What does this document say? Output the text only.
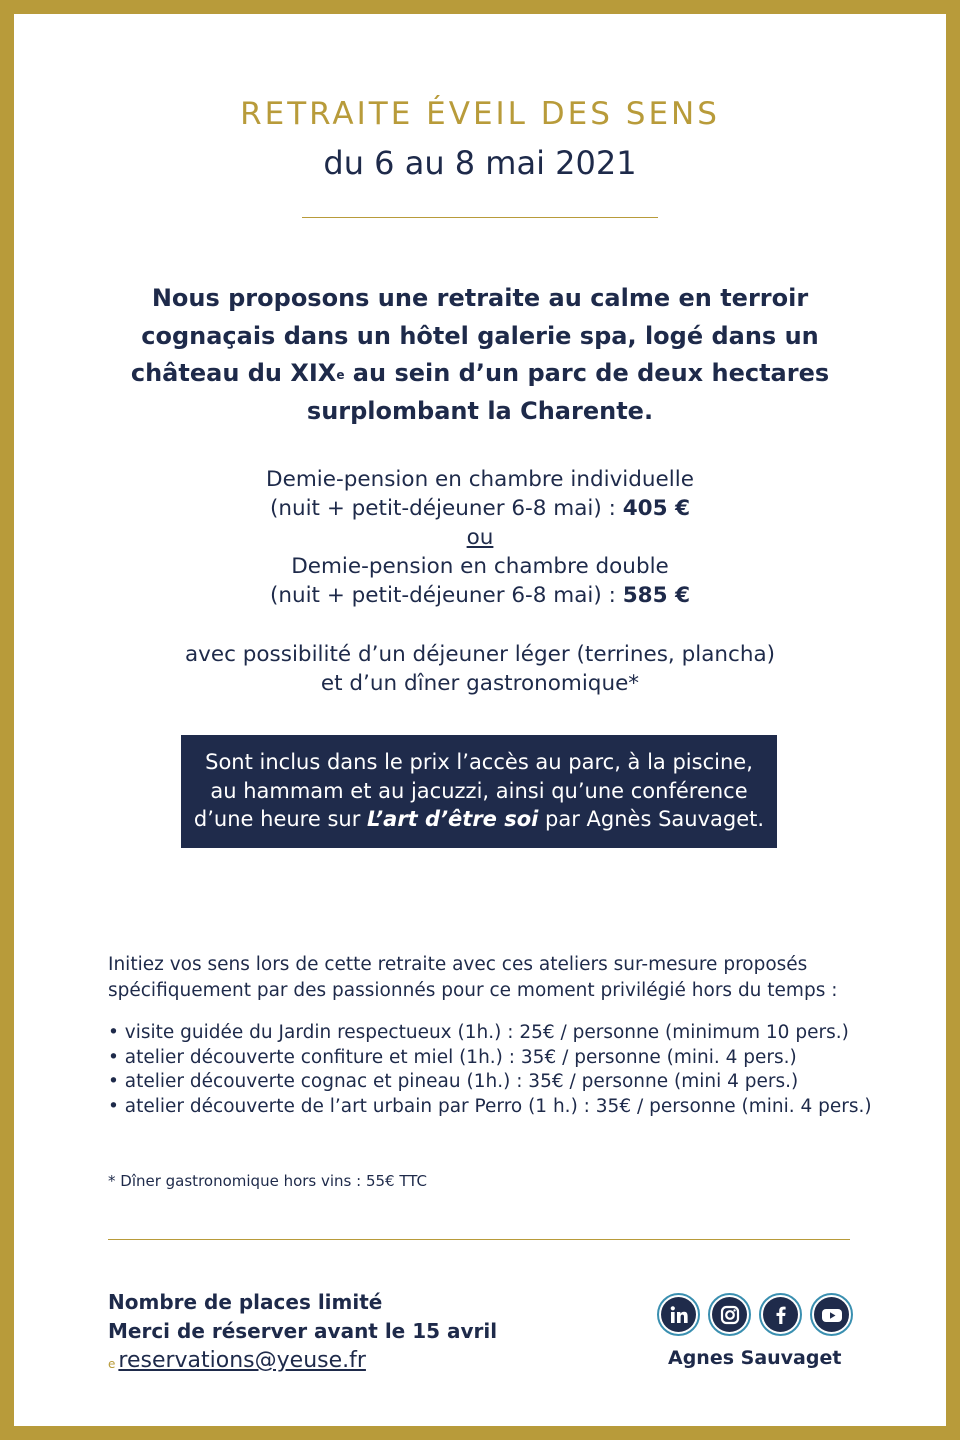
RETRAITE ÉVEIL DES SENS
du 6 au 8 mai 2021
Nous proposons une retraite au calme en terroir cognaçais dans un hôtel galerie spa, logé dans un château du XIXe au sein d’un parc de deux hectares surplombant la Charente.
Demie-pension en chambre individuelle
(nuit + petit-déjeuner 6-8 mai) : 405 €
ou
Demie-pension en chambre double
(nuit + petit-déjeuner 6-8 mai) : 585 €
avec possibilité d’un déjeuner léger (terrines, plancha)
et d’un dîner gastronomique*
Sont inclus dans le prix l’accès au parc, à la piscine,
au hammam et au jacuzzi, ainsi qu’une conférence
d’une heure sur L’art d’être soi par Agnès Sauvaget.
Initiez vos sens lors de cette retraite avec ces ateliers sur-mesure proposés
spécifiquement par des passionnés pour ce moment privilégié hors du temps :
• visite guidée du Jardin respectueux (1h.) : 25€ / personne (minimum 10 pers.)
• atelier découverte confiture et miel (1h.) : 35€ / personne (mini. 4 pers.)
• atelier découverte cognac et pineau (1h.) : 35€ / personne (mini 4 pers.)
• atelier découverte de l’art urbain par Perro (1 h.) : 35€ / personne (mini. 4 pers.)
* Dîner gastronomique hors vins : 55€ TTC
Nombre de places limité
Merci de réserver avant le 15 avril
$^e$ reservations@yeuse.fr	Agnes Sauvaget
